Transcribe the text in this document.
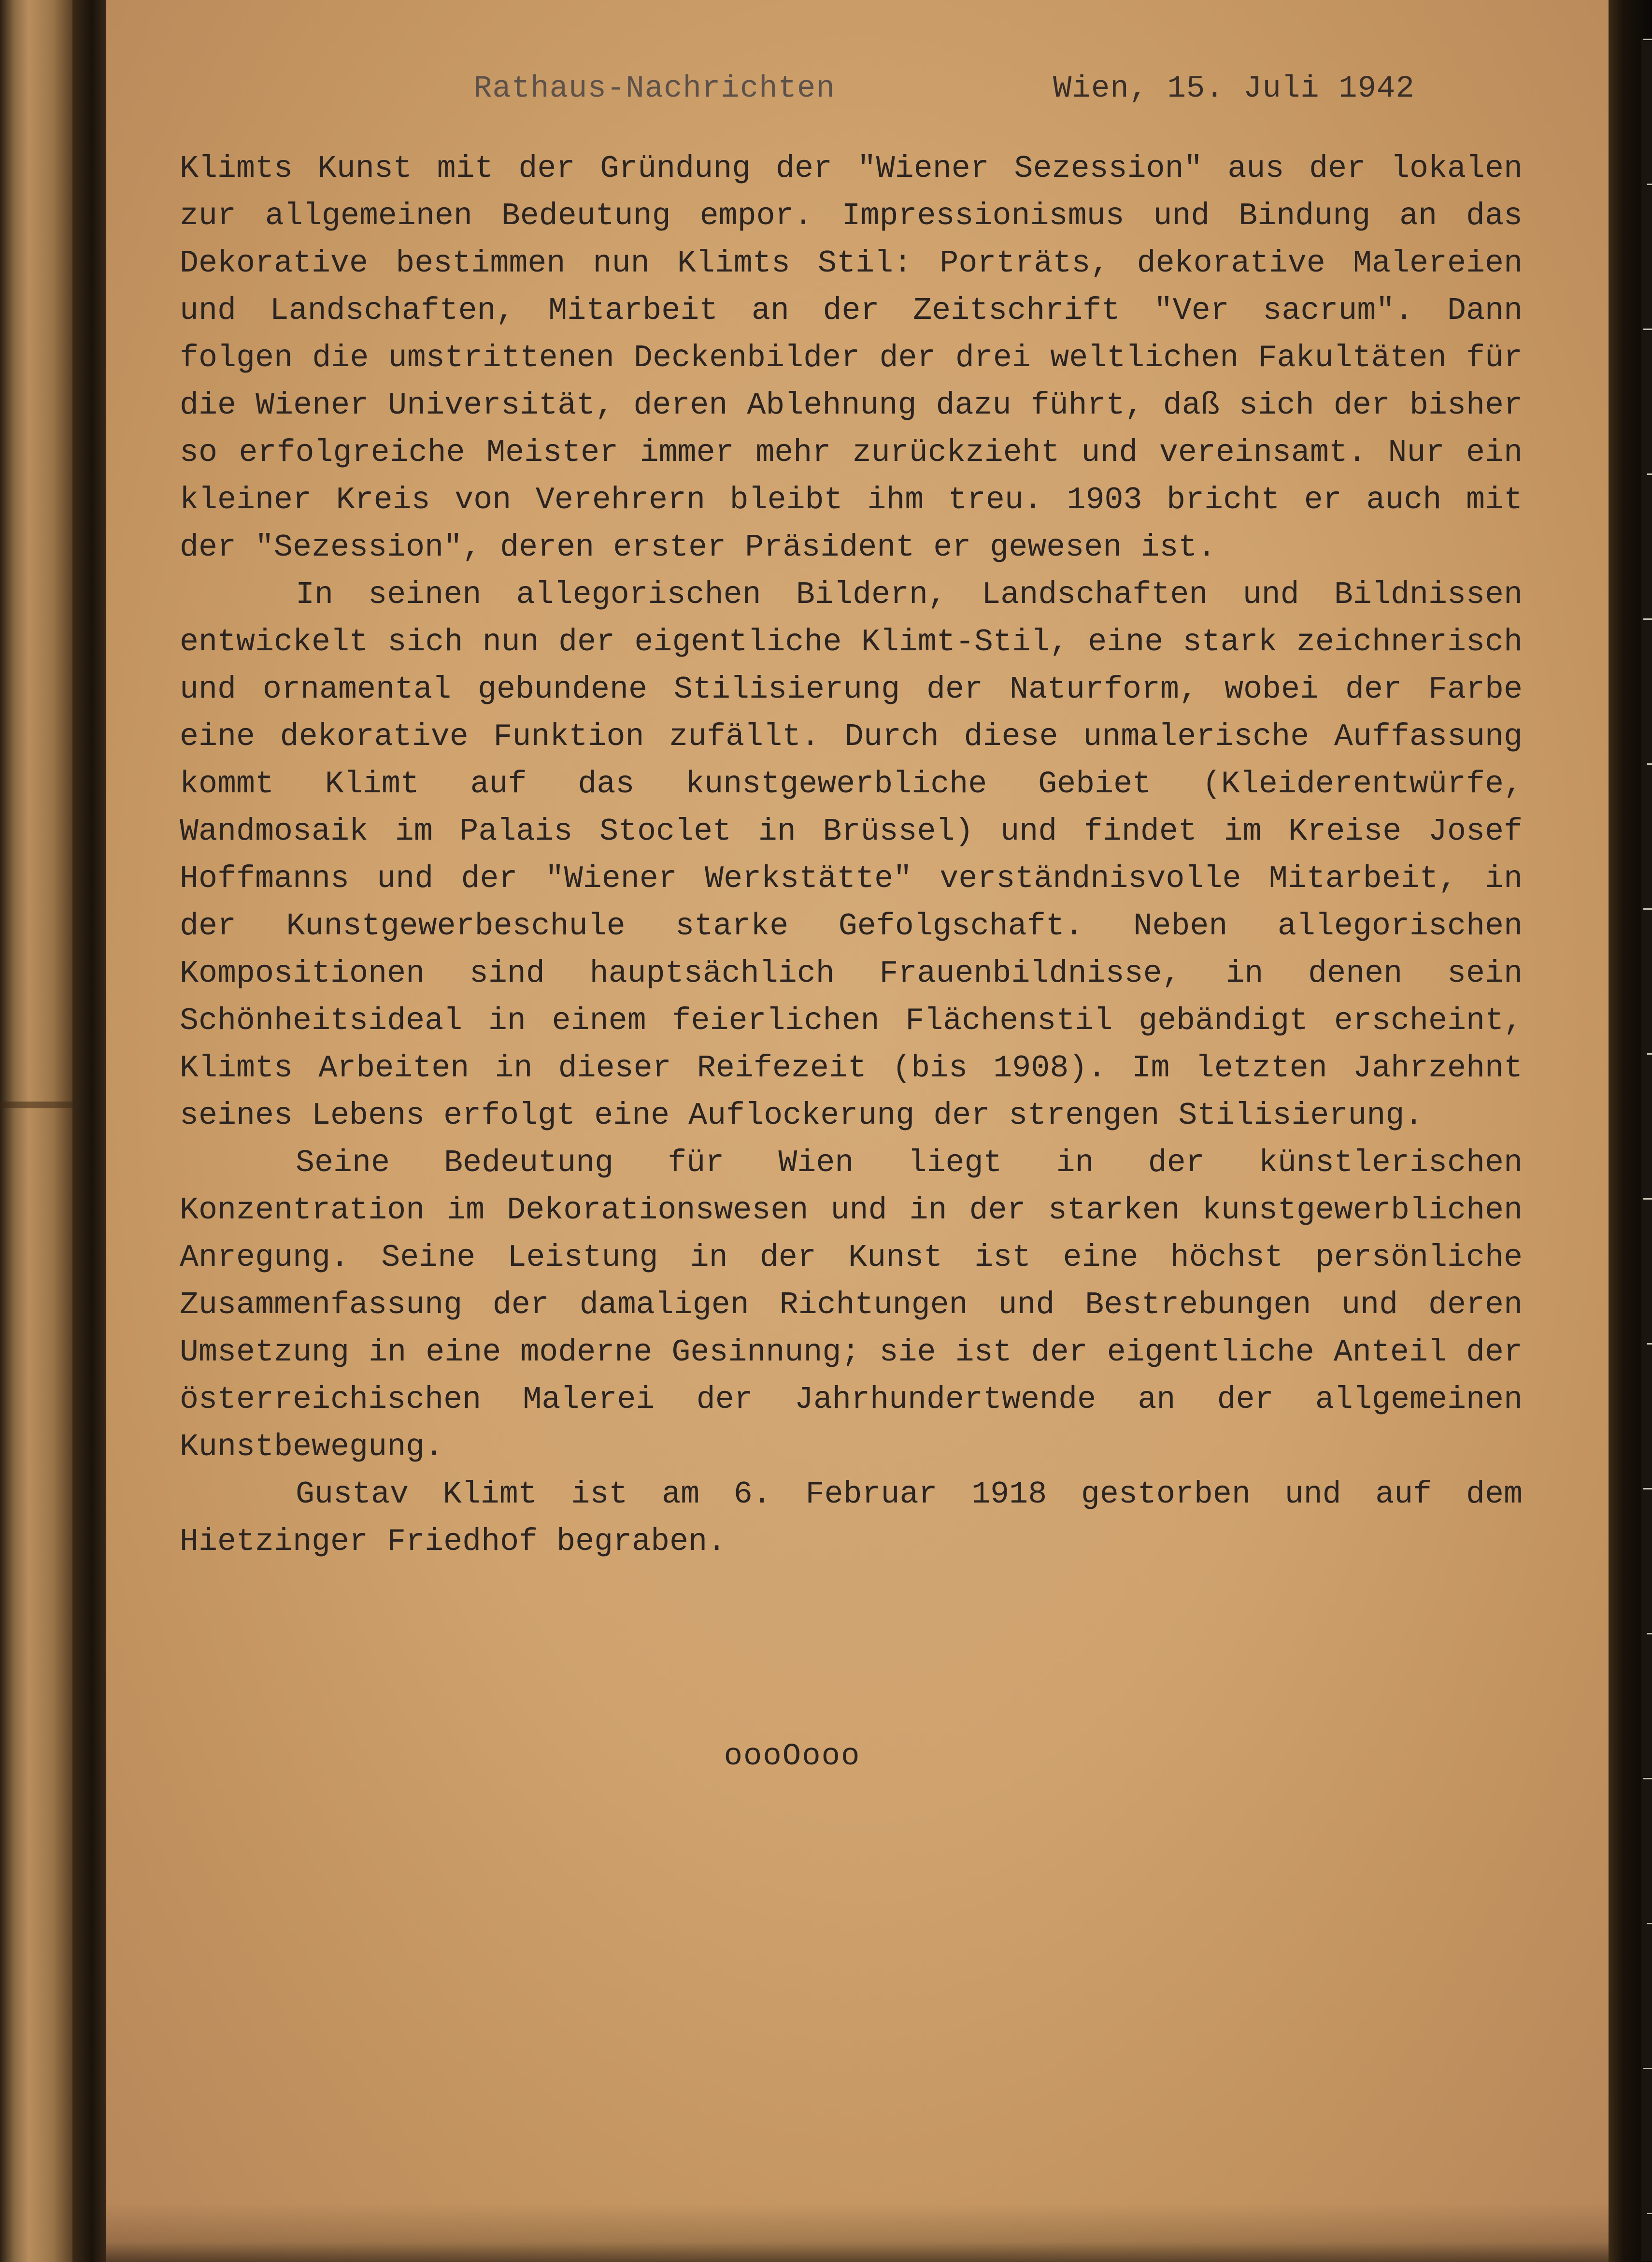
Rathaus-Nachrichten	Wien, 15. Juli 1942

Klimts Kunst mit der Gründung der "Wiener Sezession" aus der lokalen zur allgemeinen Bedeutung empor. Impressionismus und Bindung an das Dekorative bestimmen nun Klimts Stil: Porträts, dekorative Malereien und Landschaften, Mitarbeit an der Zeitschrift "Ver sacrum". Dann folgen die umstrittenen Deckenbilder der drei weltlichen Fakultäten für die Wiener Universität, deren Ablehnung dazu führt, daß sich der bisher so erfolgreiche Meister immer mehr zurückzieht und vereinsamt. Nur ein kleiner Kreis von Verehrern bleibt ihm treu. 1903 bricht er auch mit der "Sezession", deren erster Präsident er gewesen ist.

In seinen allegorischen Bildern, Landschaften und Bildnissen entwickelt sich nun der eigentliche Klimt-Stil, eine stark zeichnerisch und ornamental gebundene Stilisierung der Naturform, wobei der Farbe eine dekorative Funktion zufällt. Durch diese unmalerische Auffassung kommt Klimt auf das kunstgewerbliche Gebiet (Kleiderentwürfe, Wandmosaik im Palais Stoclet in Brüssel) und findet im Kreise Josef Hoffmanns und der "Wiener Werkstätte" verständnisvolle Mitarbeit, in der Kunstgewerbeschule starke Gefolgschaft. Neben allegorischen Kompositionen sind hauptsächlich Frauenbildnisse, in denen sein Schönheitsideal in einem feierlichen Flächenstil gebändigt erscheint, Klimts Arbeiten in dieser Reifezeit (bis 1908). Im letzten Jahrzehnt seines Lebens erfolgt eine Auflockerung der strengen Stilisierung.

Seine Bedeutung für Wien liegt in der künstlerischen Konzentration im Dekorationswesen und in der starken kunstgewerblichen Anregung. Seine Leistung in der Kunst ist eine höchst persönliche Zusammenfassung der damaligen Richtungen und Bestrebungen und deren Umsetzung in eine moderne Gesinnung; sie ist der eigentliche Anteil der österreichischen Malerei der Jahrhundertwende an der allgemeinen Kunstbewegung.

Gustav Klimt ist am 6. Februar 1918 gestorben und auf dem Hietzinger Friedhof begraben.

oooOooo
